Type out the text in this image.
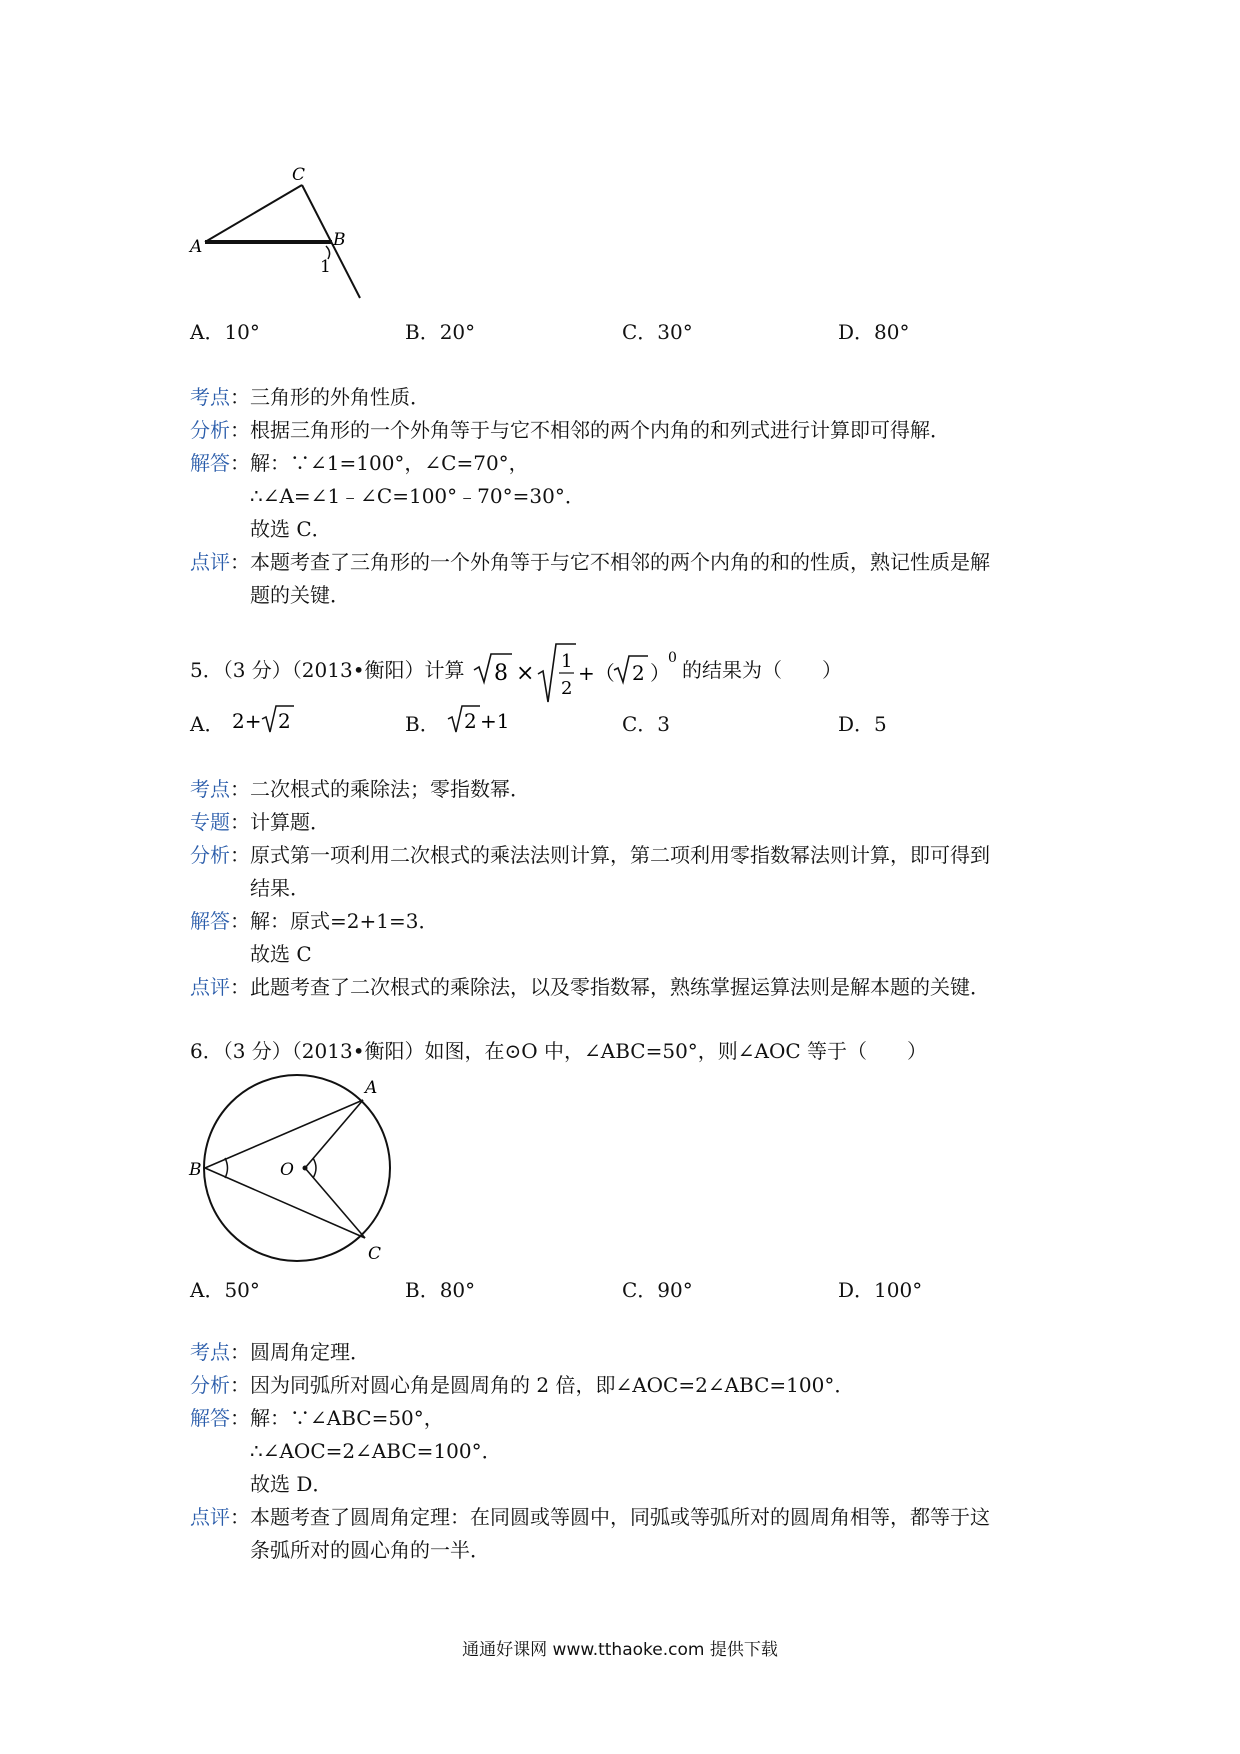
A
C
B
1
A．10°	B．20°	C．30°	D．80°
考点：三角形的外角性质．
分析：根据三角形的一个外角等于与它不相邻的两个内角的和列式进行计算即可得解．
解答：解：∵∠1=100°，∠C=70°，
∴∠A=∠1﹣∠C=100°﹣70°=30°．
故选 C．
点评：本题考查了三角形的一个外角等于与它不相邻的两个内角的和的性质，熟记性质是解
题的关键．
5．（3 分）（2013•衡阳）计算 8 × 1
2
+（ 2 ）
0 的结果为（　　）
A． 2+ 2	B． 2 +1	C．3	D．5
考点：二次根式的乘除法；零指数幂．
专题：计算题．
分析：原式第一项利用二次根式的乘法法则计算，第二项利用零指数幂法则计算，即可得到
结果．
解答：解：原式=2+1=3．
故选 C
点评：此题考查了二次根式的乘除法，以及零指数幂，熟练掌握运算法则是解本题的关键．
6．（3 分）（2013•衡阳）如图，在⊙O 中，∠ABC=50°，则∠AOC 等于（　　）
A
B
C
O
A．50°	B．80°	C．90°	D．100°
考点：圆周角定理．
分析：因为同弧所对圆心角是圆周角的 2 倍，即∠AOC=2∠ABC=100°．
解答：解：∵∠ABC=50°，
∴∠AOC=2∠ABC=100°．
故选 D．
点评：本题考查了圆周角定理：在同圆或等圆中，同弧或等弧所对的圆周角相等，都等于这
条弧所对的圆心角的一半．
通通好课网 www.tthaoke.com 提供下载
